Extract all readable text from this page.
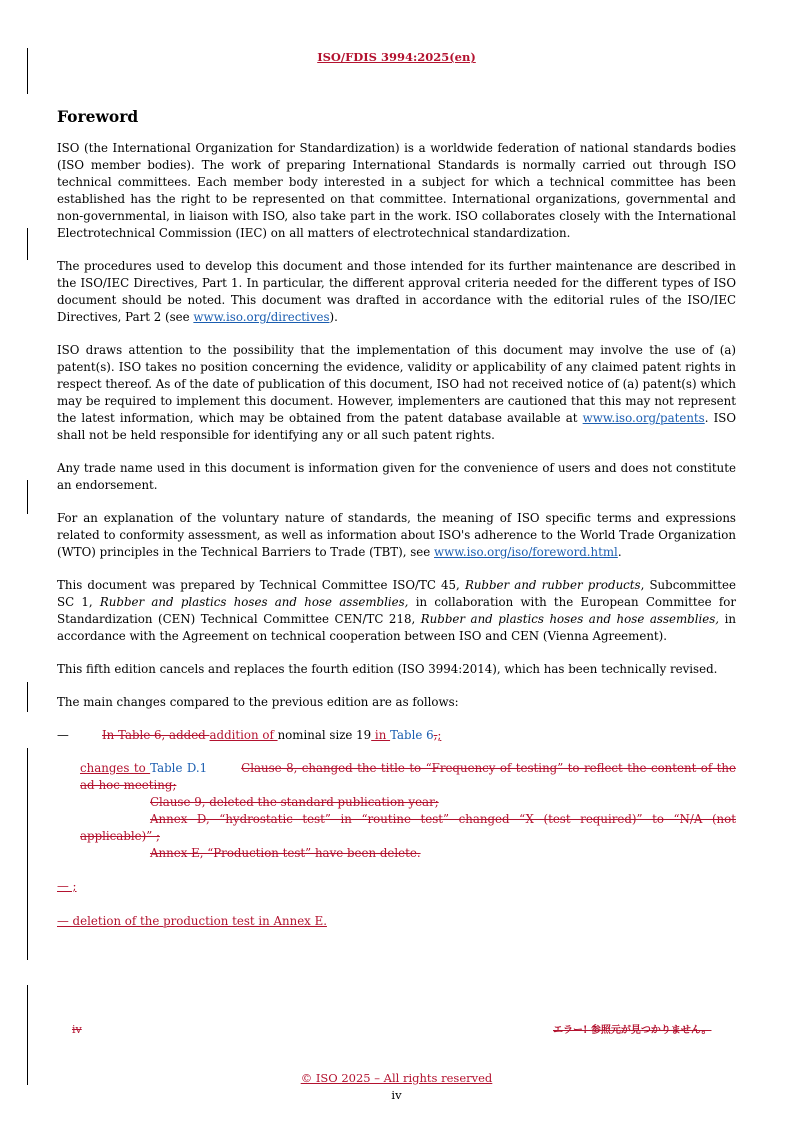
ISO/FDIS 3994:2025(en)
Foreword

ISO (the International Organization for Standardization) is a worldwide federation of national standards bodies (ISO member bodies). The work of preparing International Standards is normally carried out through ISO technical committees. Each member body interested in a subject for which a technical committee has been established has the right to be represented on that committee. International organizations, governmental and non-governmental, in liaison with ISO, also take part in the work. ISO collaborates closely with the International Electrotechnical Commission (IEC) on all matters of electrotechnical standardization.

The procedures used to develop this document and those intended for its further maintenance are described in the ISO/IEC Directives, Part 1. In particular, the different approval criteria needed for the different types of ISO document should be noted. This document was drafted in accordance with the editorial rules of the ISO/IEC Directives, Part 2 (see www.iso.org/directives).

ISO draws attention to the possibility that the implementation of this document may involve the use of (a) patent(s). ISO takes no position concerning the evidence, validity or applicability of any claimed patent rights in respect thereof. As of the date of publication of this document, ISO had not received notice of (a) patent(s) which may be required to implement this document. However, implementers are cautioned that this may not represent the latest information, which may be obtained from the patent database available at www.iso.org/patents. ISO shall not be held responsible for identifying any or all such patent rights.

Any trade name used in this document is information given for the convenience of users and does not constitute an endorsement.

For an explanation of the voluntary nature of standards, the meaning of ISO specific terms and expressions related to conformity assessment, as well as information about ISO's adherence to the World Trade Organization (WTO) principles in the Technical Barriers to Trade (TBT), see www.iso.org/iso/foreword.html.

This document was prepared by Technical Committee ISO/TC 45, Rubber and rubber products, Subcommittee SC 1, Rubber and plastics hoses and hose assemblies, in collaboration with the European Committee for Standardization (CEN) Technical Committee CEN/TC 218, Rubber and plastics hoses and hose assemblies, in accordance with the Agreement on technical cooperation between ISO and CEN (Vienna Agreement).

This fifth edition cancels and replaces the fourth edition (ISO 3994:2014), which has been technically revised.

The main changes compared to the previous edition are as follows:

—	In Table 6, added addition of nominal size 19 in Table 6,;
changes to Table D.1	Clause 8, changed the title to “Frequency of testing” to reflect the content of the ad-hoc meeting;
Clause 9, deleted the standard publication year;
Annex D, “hydrostatic test” in “routine test” changed “X (test required)” to “N/A (not applicable)” ;
Annex E, “Production test” have been delete.

— ;

— deletion of the production test in Annex E.

iv	エラー! 参照元が見つかりません。
© ISO 2025 – All rights reserved
iv
